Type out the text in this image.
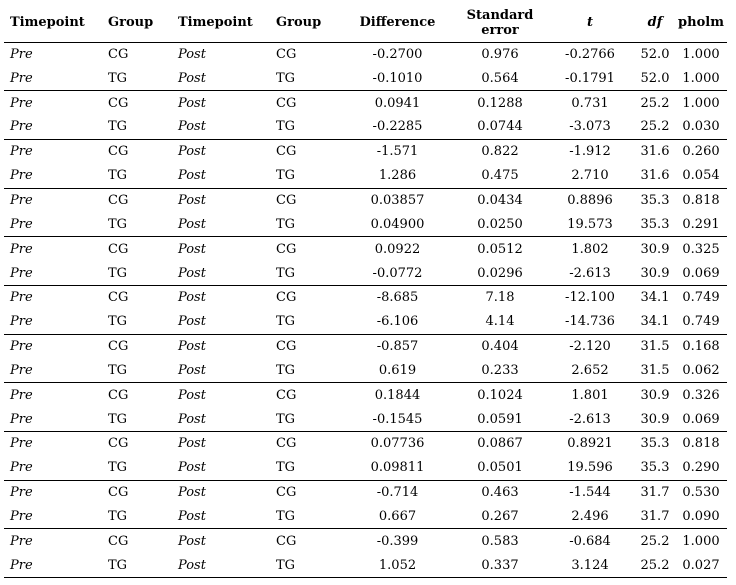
Timepoint	Group	Timepoint	Group	Difference	Standard error	t	df	pholm
Pre	CG	Post	CG	-0.2700	0.976	-0.2766	52.0	1.000
Pre	TG	Post	TG	-0.1010	0.564	-0.1791	52.0	1.000
Pre	CG	Post	CG	0.0941	0.1288	0.731	25.2	1.000
Pre	TG	Post	TG	-0.2285	0.0744	-3.073	25.2	0.030
Pre	CG	Post	CG	-1.571	0.822	-1.912	31.6	0.260
Pre	TG	Post	TG	1.286	0.475	2.710	31.6	0.054
Pre	CG	Post	CG	0.03857	0.0434	0.8896	35.3	0.818
Pre	TG	Post	TG	0.04900	0.0250	19.573	35.3	0.291
Pre	CG	Post	CG	0.0922	0.0512	1.802	30.9	0.325
Pre	TG	Post	TG	-0.0772	0.0296	-2.613	30.9	0.069
Pre	CG	Post	CG	-8.685	7.18	-12.100	34.1	0.749
Pre	TG	Post	TG	-6.106	4.14	-14.736	34.1	0.749
Pre	CG	Post	CG	-0.857	0.404	-2.120	31.5	0.168
Pre	TG	Post	TG	0.619	0.233	2.652	31.5	0.062
Pre	CG	Post	CG	0.1844	0.1024	1.801	30.9	0.326
Pre	TG	Post	TG	-0.1545	0.0591	-2.613	30.9	0.069
Pre	CG	Post	CG	0.07736	0.0867	0.8921	35.3	0.818
Pre	TG	Post	TG	0.09811	0.0501	19.596	35.3	0.290
Pre	CG	Post	CG	-0.714	0.463	-1.544	31.7	0.530
Pre	TG	Post	TG	0.667	0.267	2.496	31.7	0.090
Pre	CG	Post	CG	-0.399	0.583	-0.684	25.2	1.000
Pre	TG	Post	TG	1.052	0.337	3.124	25.2	0.027
